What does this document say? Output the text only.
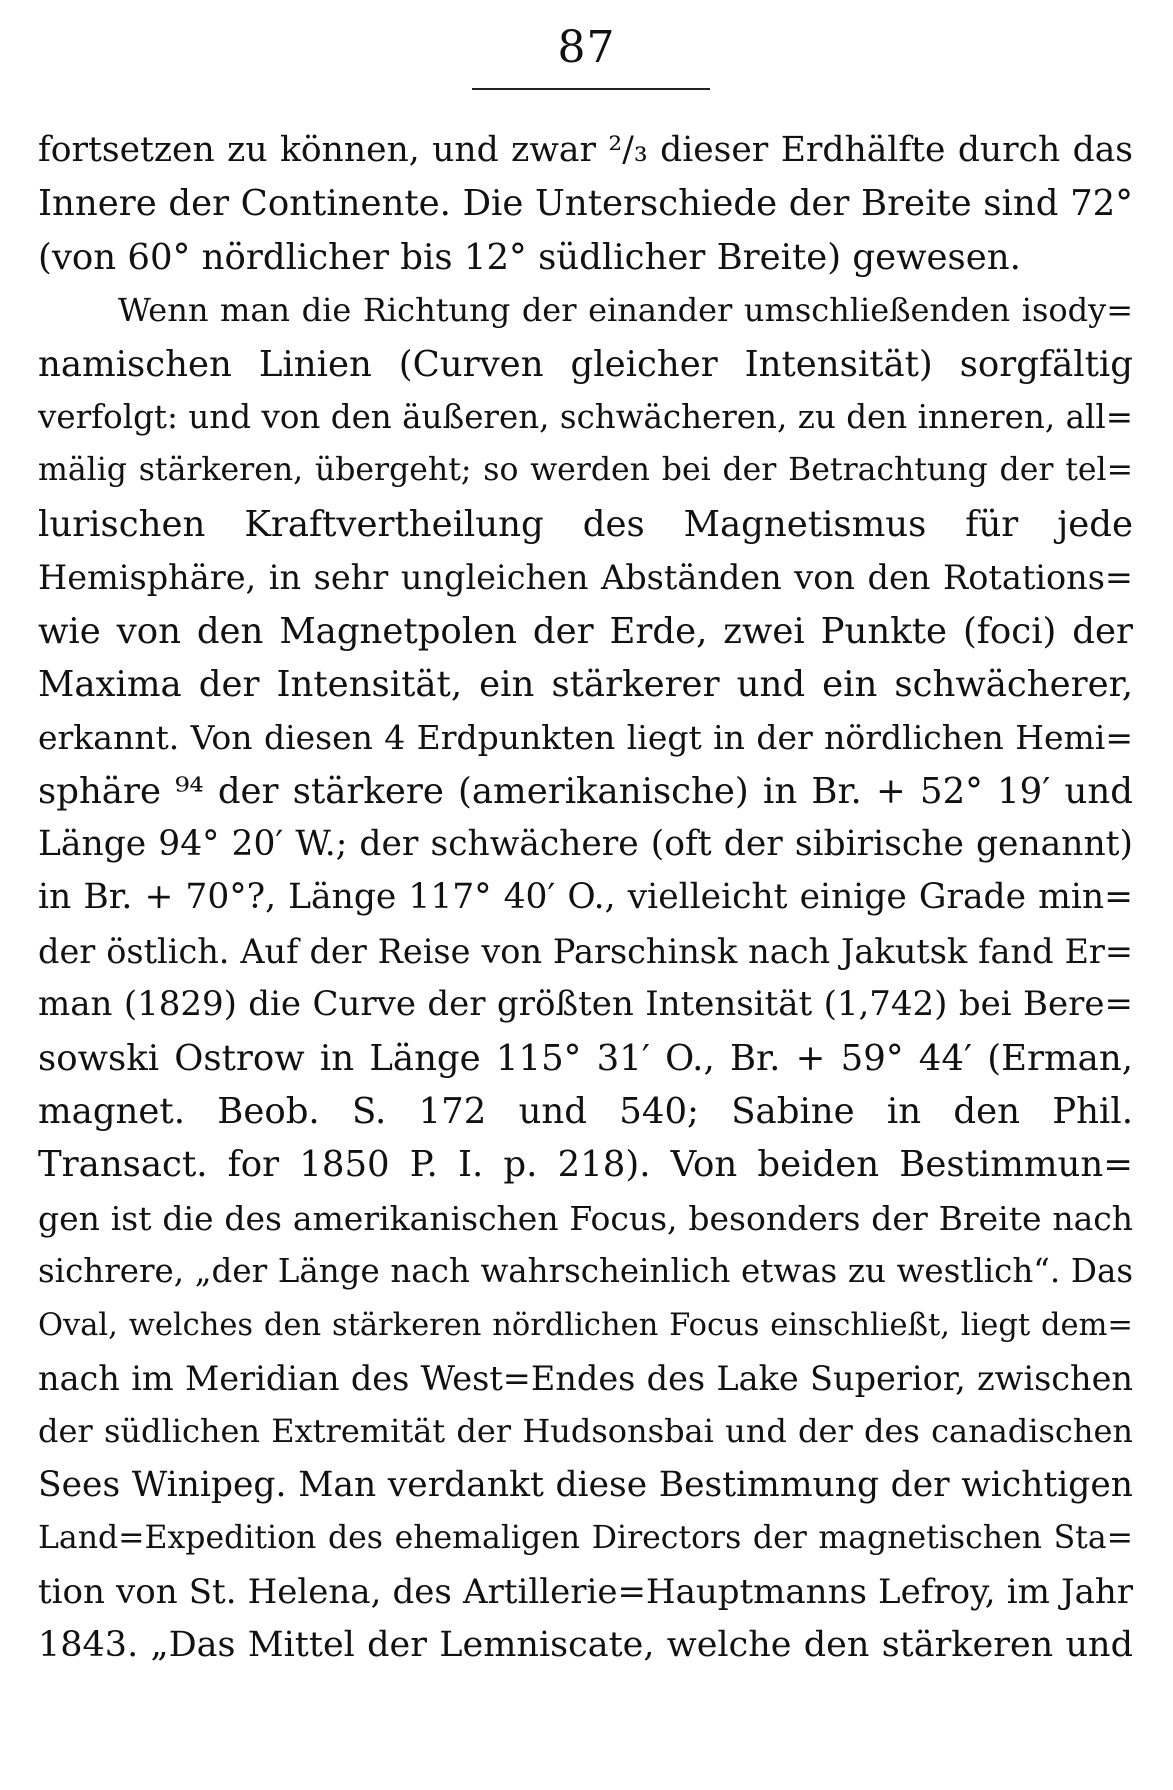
87
fortsetzen zu können, und zwar ²/₃ dieser Erdhälfte durch das
Innere der Continente. Die Unterschiede der Breite sind 72°
(von 60° nördlicher bis 12° südlicher Breite) gewesen.
Wenn man die Richtung der einander umschließenden isody=
namischen Linien (Curven gleicher Intensität) sorgfältig
verfolgt: und von den äußeren, schwächeren, zu den inneren, all=
mälig stärkeren, übergeht; so werden bei der Betrachtung der tel=
lurischen Kraftvertheilung des Magnetismus für jede
Hemisphäre, in sehr ungleichen Abständen von den Rotations=
wie von den Magnetpolen der Erde, zwei Punkte (foci) der
Maxima der Intensität, ein stärkerer und ein schwächerer,
erkannt. Von diesen 4 Erdpunkten liegt in der nördlichen Hemi=
sphäre ⁹⁴ der stärkere (amerikanische) in Br. + 52° 19′ und
Länge 94° 20′ W.; der schwächere (oft der sibirische genannt)
in Br. + 70°?, Länge 117° 40′ O., vielleicht einige Grade min=
der östlich. Auf der Reise von Parschinsk nach Jakutsk fand Er=
man (1829) die Curve der größten Intensität (1,742) bei Bere=
sowski Ostrow in Länge 115° 31′ O., Br. + 59° 44′ (Erman,
magnet. Beob. S. 172 und 540; Sabine in den Phil.
Transact. for 1850 P. I. p. 218). Von beiden Bestimmun=
gen ist die des amerikanischen Focus, besonders der Breite nach
sichrere, „der Länge nach wahrscheinlich etwas zu westlich“. Das
Oval, welches den stärkeren nördlichen Focus einschließt, liegt dem=
nach im Meridian des West=Endes des Lake Superior, zwischen
der südlichen Extremität der Hudsonsbai und der des canadischen
Sees Winipeg. Man verdankt diese Bestimmung der wichtigen
Land=Expedition des ehemaligen Directors der magnetischen Sta=
tion von St. Helena, des Artillerie=Hauptmanns Lefroy, im Jahr
1843. „Das Mittel der Lemniscate, welche den stärkeren und
